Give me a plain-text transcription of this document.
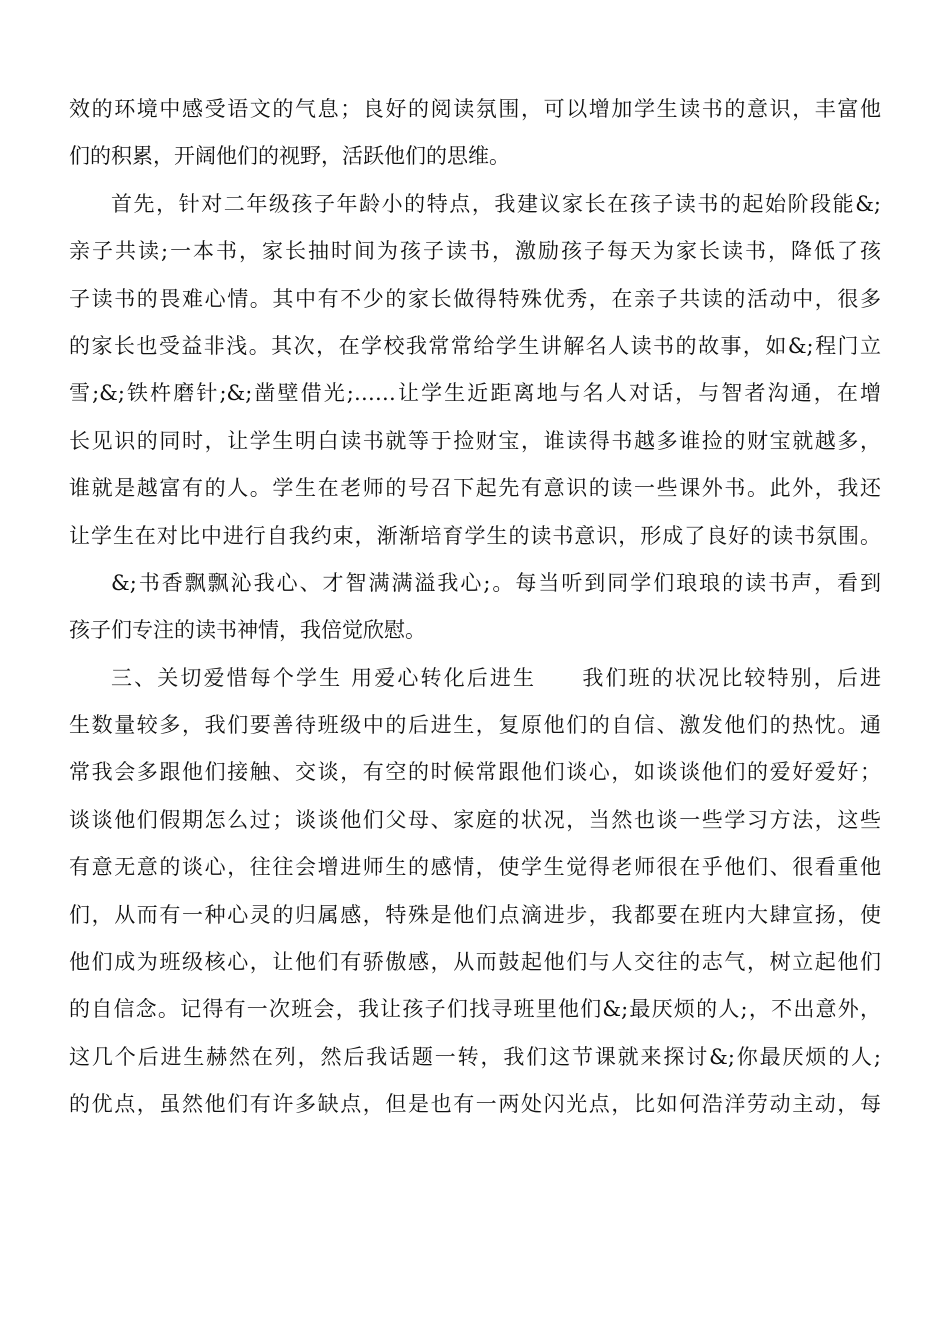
效的环境中感受语文的气息；良好的阅读氛围，可以增加学生读书的意识，丰富他
们的积累，开阔他们的视野，活跃他们的思维。
首先，针对二年级孩子年龄小的特点，我建议家长在孩子读书的起始阶段能&;
亲子共读;一本书，家长抽时间为孩子读书，激励孩子每天为家长读书，降低了孩
子读书的畏难心情。其中有不少的家长做得特殊优秀，在亲子共读的活动中，很多
的家长也受益非浅。其次，在学校我常常给学生讲解名人读书的故事，如&;程门立
雪;&;铁杵磨针;&;凿壁借光;……让学生近距离地与名人对话，与智者沟通，在增
长见识的同时，让学生明白读书就等于捡财宝，谁读得书越多谁捡的财宝就越多，
谁就是越富有的人。学生在老师的号召下起先有意识的读一些课外书。此外，我还
让学生在对比中进行自我约束，渐渐培育学生的读书意识，形成了良好的读书氛围。
&;书香飘飘沁我心、才智满满溢我心;。每当听到同学们琅琅的读书声，看到
孩子们专注的读书神情，我倍觉欣慰。
三、关切爱惜每个学生 用爱心转化后进生　　我们班的状况比较特别，后进
生数量较多，我们要善待班级中的后进生，复原他们的自信、激发他们的热忱。通
常我会多跟他们接触、交谈，有空的时候常跟他们谈心，如谈谈他们的爱好爱好；
谈谈他们假期怎么过；谈谈他们父母、家庭的状况，当然也谈一些学习方法，这些
有意无意的谈心，往往会增进师生的感情，使学生觉得老师很在乎他们、很看重他
们，从而有一种心灵的归属感，特殊是他们点滴进步，我都要在班内大肆宣扬，使
他们成为班级核心，让他们有骄傲感，从而鼓起他们与人交往的志气，树立起他们
的自信念。记得有一次班会，我让孩子们找寻班里他们&;最厌烦的人;，不出意外，
这几个后进生赫然在列，然后我话题一转，我们这节课就来探讨&;你最厌烦的人;
的优点，虽然他们有许多缺点，但是也有一两处闪光点，比如何浩洋劳动主动，每
